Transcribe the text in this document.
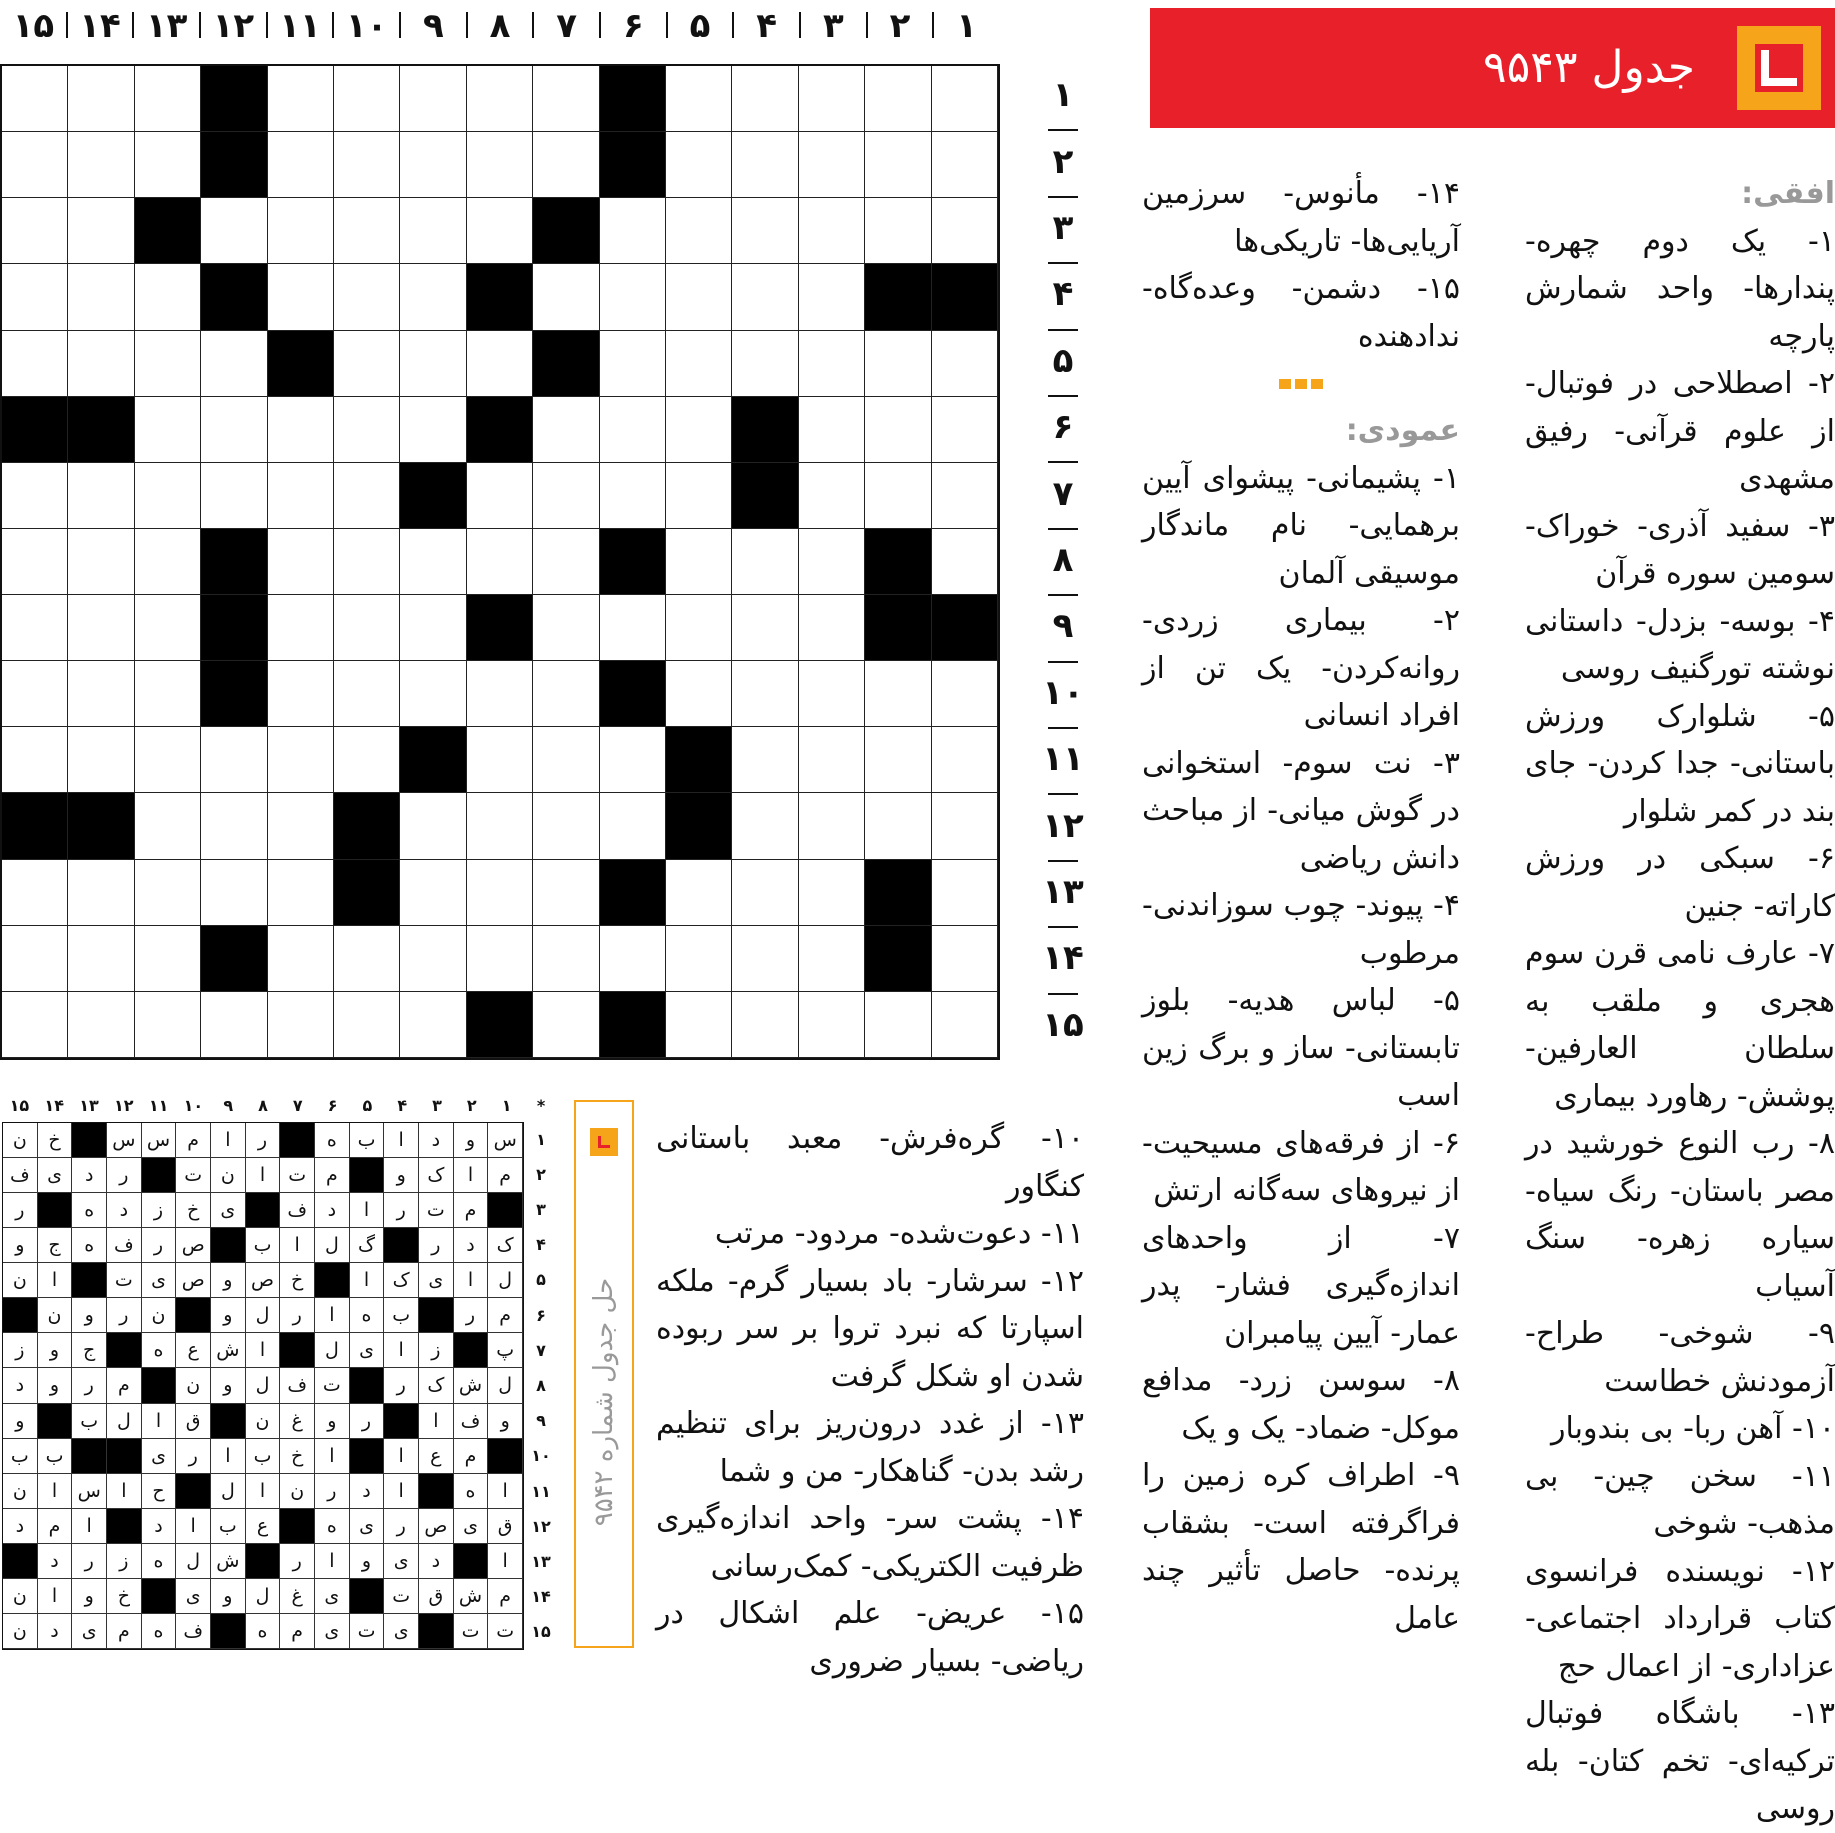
۱
۲
۳
۴
۵
۶
۷
۸
۹
۱۰
۱۱
۱۲
۱۳
۱۴
۱۵
۱
۲
۳
۴
۵
۶
۷
۸
۹
۱۰
۱۱
۱۲
۱۳
۱۴
۱۵
جدول ۹۵۴۳
افقی:
۱- یک دوم چهره- پندارها- واحد شمارش پارچه
۲- اصطلاحی در فوتبال- از علوم قرآنی- رفیق مشهدی
۳- سفید آذری- خوراک- سومین سوره قرآن
۴- بوسه- بزدل- داستانی نوشته تورگنیف روسی
۵- شلوارک ورزش باستانی- جدا کردن- جای بند در کمر شلوار
۶- سبکی در ورزش کاراته- جنین
۷- عارف نامی قرن سوم هجری و ملقب به سلطان العارفین- پوشش- رهاورد بیماری
۸- رب النوع خورشید در مصر باستان- رنگ سیاه- سیاره زهره- سنگ آسیاب
۹- شوخی- طراح- آزمودنش خطاست
۱۰- آهن ربا- بی بندوبار
۱۱- سخن چین- بی مذهب- شوخی
۱۲- نویسنده فرانسوی کتاب قرارداد اجتماعی- عزاداری- از اعمال حج
۱۳- باشگاه فوتبال ترکیه‌ای- تخم کتان- بله روسی
۱۴- مأنوس- سرزمین آریایی‌ها- تاریکی‌ها
۱۵- دشمن- وعده‌گاه- نداد‌هنده
عمودی:
۱- پشیمانی- پیشوای آیین برهمایی- نام ماندگار موسیقی آلمان
۲- بیماری زردی- روانه‌کردن- یک تن از افراد انسانی
۳- نت سوم- استخوانی در گوش میانی- از مباحث دانش ریاضی
۴- پیوند- چوب سوزاندنی- مرطوب
۵- لباس هدیه- بلوز تابستانی- ساز و برگ زین اسب
۶- از فرقه‌های مسیحیت- از نیروهای سه‌گانه ارتش
۷- از واحدهای اندازه‌گیری فشار- پدر عمار- آیین پیامبران
۸- سوسن زرد- مدافع موکل- ضماد- یک و یک
۹- اطراف کره زمین را فراگرفته است- بشقاب پرنده- حاصل تأثیر چند عامل
۱۰- گره‌فرش- معبد باستانی کنگاور
۱۱- دعوت‌شده- مردود- مرتب
۱۲- سرشار- باد بسیار گرم- ملکه اسپارتا که نبرد تروا بر سر ربوده شدن او شکل گرفت
۱۳- از غدد درون‌ریز برای تنظیم رشد بدن- گناهکار- من و شما
۱۴- پشت سر- واحد اندازه‌گیری ظرفیت الکتریکی- کمک‌رسانی
۱۵- عریض- علم اشکال در ریاضی- بسیار ضروری
*
۱
۲
۳
۴
۵
۶
۷
۸
۹
۱۰
۱۱
۱۲
۱۳
۱۴
۱۵
س
و
د
ا
ب
ه
ر
ا
م
س
س
خ
ن
م
ا
ک
و
م
ت
ا
ن
ت
ر
د
ی
ف
م
ت
ر
ا
د
ف
ی
خ
ز
د
ه
ر
ک
د
ر
گ
ل
ا
ب
ص
ر
ف
ه
ج
و
ل
ا
ی
ک
ا
خ
ص
و
ص
ی
ت
ا
ن
م
ر
ب
ه
ا
ر
ل
و
ن
ر
و
ن
پ
ز
ا
ی
ل
ا
ش
ع
ه
ج
و
ز
ل
ش
ک
ر
ت
ف
ل
و
ن
م
ر
و
د
و
ف
ا
ر
و
غ
ن
ق
ا
ل
ب
و
م
ع
ا
ا
خ
ب
ا
ر
ی
ب
ب
ا
ه
ا
د
ر
ن
ا
ل
ح
ا
س
ا
ن
ق
ی
ص
ر
ی
ه
ع
ب
ا
د
ا
م
د
ا
د
ی
و
ا
ر
ش
ل
ه
ز
ر
د
م
ش
ق
ت
ی
غ
ل
و
ی
خ
و
ا
ن
ت
ت
ی
ت
ی
م
ه
ف
ه
م
ی
د
ن
۱
۲
۳
۴
۵
۶
۷
۸
۹
۱۰
۱۱
۱۲
۱۳
۱۴
۱۵
حل جدول شماره ۹۵۴۲
